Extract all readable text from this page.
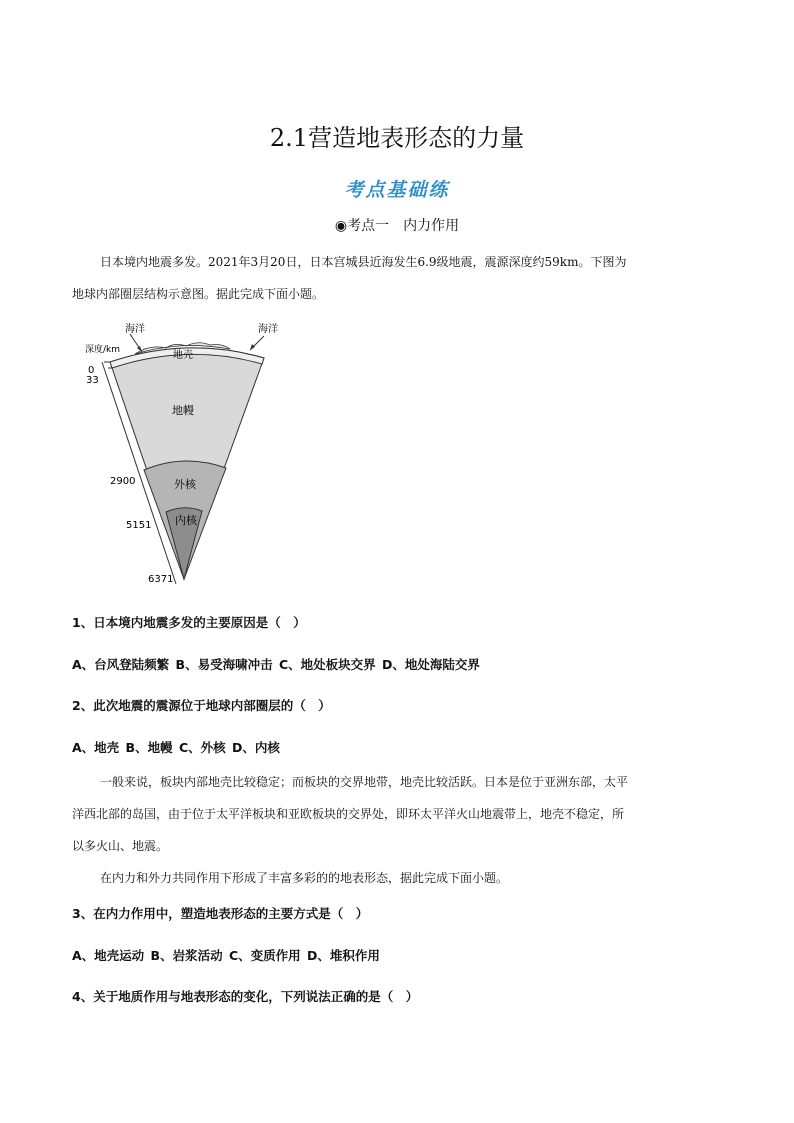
2.1营造地表形态的力量
考点基础练
◉考点一　内力作用
日本境内地震多发。2021年3月20日，日本宫城县近海发生6.9级地震，震源深度约59km。下图为
地球内部圈层结构示意图。据此完成下面小题。
海洋	海洋
深度/km	地壳
地幔
外核
内核
0
33
2900
5151
6371
1、日本境内地震多发的主要原因是（　）
A、台风登陆频繁 B、易受海啸冲击 C、地处板块交界 D、地处海陆交界
2、此次地震的震源位于地球内部圈层的（　）
A、地壳 B、地幔 C、外核 D、内核
一般来说，板块内部地壳比较稳定；而板块的交界地带，地壳比较活跃。日本是位于亚洲东部，太平
洋西北部的岛国，由于位于太平洋板块和亚欧板块的交界处，即环太平洋火山地震带上，地壳不稳定，所
以多火山、地震。
在内力和外力共同作用下形成了丰富多彩的的地表形态，据此完成下面小题。
3、在内力作用中，塑造地表形态的主要方式是（　）
A、地壳运动 B、岩浆活动 C、变质作用 D、堆积作用
4、关于地质作用与地表形态的变化，下列说法正确的是（　）
